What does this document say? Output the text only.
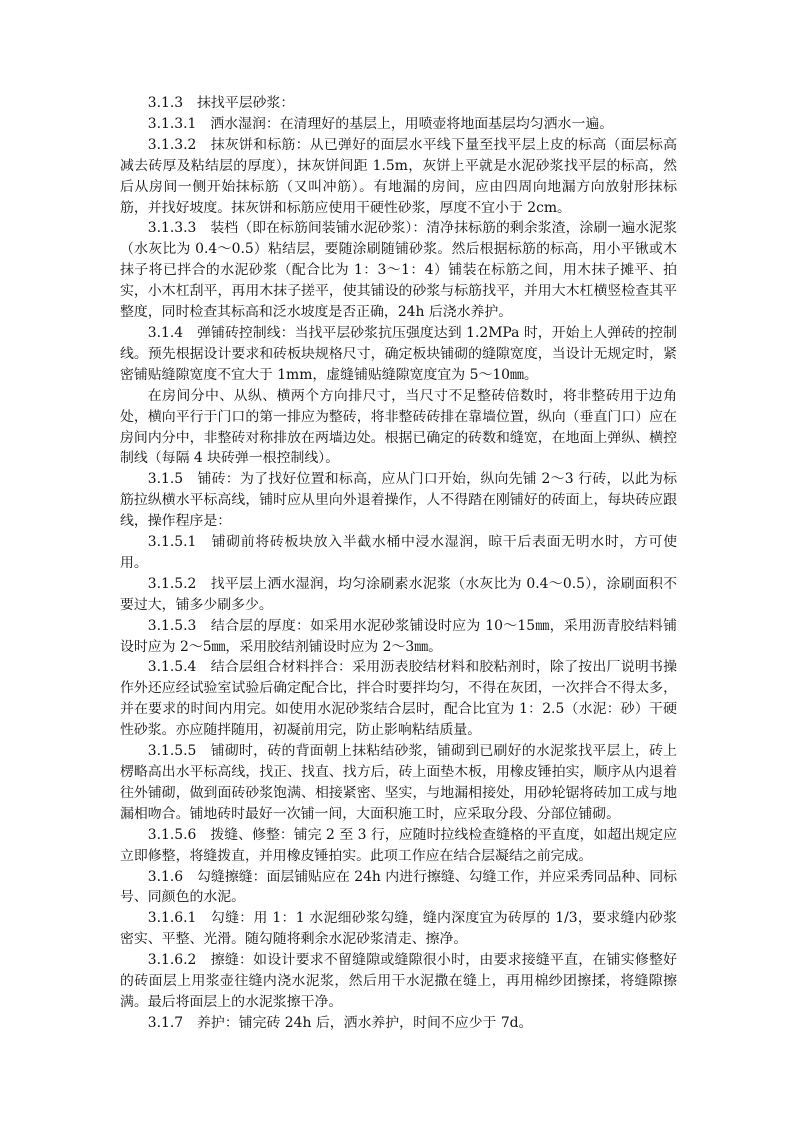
3.1.3　抹找平层砂浆：

3.1.3.1　洒水湿润：在清理好的基层上，用喷壶将地面基层均匀洒水一遍。

3.1.3.2　抹灰饼和标筋：从已弹好的面层水平线下量至找平层上皮的标高（面层标高减去砖厚及粘结层的厚度），抹灰饼间距 1.5m，灰饼上平就是水泥砂浆找平层的标高，然后从房间一侧开始抹标筋（又叫冲筋）。有地漏的房间，应由四周向地漏方向放射形抹标筋，并找好坡度。抹灰饼和标筋应使用干硬性砂浆，厚度不宜小于 2cm。

3.1.3.3　装档（即在标筋间装铺水泥砂浆）：清净抹标筋的剩余浆渣，涂刷一遍水泥浆（水灰比为 0.4～0.5）粘结层，要随涂刷随铺砂浆。然后根据标筋的标高，用小平锹或木抹子将已拌合的水泥砂浆（配合比为 1：3～1：4）铺装在标筋之间，用木抹子摊平、拍实，小木杠刮平，再用木抹子搓平，使其铺设的砂浆与标筋找平，并用大木杠横竖检查其平整度，同时检查其标高和泛水坡度是否正确，24h 后浇水养护。

3.1.4　弹铺砖控制线：当找平层砂浆抗压强度达到 1.2MPa 时，开始上人弹砖的控制线。预先根据设计要求和砖板块规格尺寸，确定板块铺砌的缝隙宽度，当设计无规定时，紧密铺贴缝隙宽度不宜大于 1mm，虚缝铺贴缝隙宽度宜为 5～10㎜。

在房间分中、从纵、横两个方向排尺寸，当尺寸不足整砖倍数时，将非整砖用于边角处，横向平行于门口的第一排应为整砖，将非整砖砖排在靠墙位置，纵向（垂直门口）应在房间内分中，非整砖对称排放在两墙边处。根据已确定的砖数和缝宽，在地面上弹纵、横控制线（每隔 4 块砖弹一根控制线）。

3.1.5　铺砖：为了找好位置和标高，应从门口开始，纵向先铺 2～3 行砖，以此为标筋拉纵横水平标高线，铺时应从里向外退着操作，人不得踏在刚铺好的砖面上，每块砖应跟线，操作程序是：

3.1.5.1　铺砌前将砖板块放入半截水桶中浸水湿润，晾干后表面无明水时，方可使用。

3.1.5.2　找平层上洒水湿润，均匀涂刷素水泥浆（水灰比为 0.4～0.5），涂刷面积不要过大，铺多少刷多少。

3.1.5.3　结合层的厚度：如采用水泥砂浆铺设时应为 10～15㎜，采用沥青胶结料铺设时应为 2～5㎜，采用胶结剂铺设时应为 2～3㎜。

3.1.5.4　结合层组合材料拌合：采用沥表胶结材料和胶粘剂时，除了按出厂说明书操作外还应经试验室试验后确定配合比，拌合时要拌均匀，不得在灰团，一次拌合不得太多，并在要求的时间内用完。如使用水泥砂浆结合层时，配合比宜为 1：2.5（水泥：砂）干硬性砂浆。亦应随拌随用，初凝前用完，防止影响粘结质量。

3.1.5.5　铺砌时，砖的背面朝上抹粘结砂浆，铺砌到已刷好的水泥浆找平层上，砖上楞略高出水平标高线，找正、找直、找方后，砖上面垫木板，用橡皮锤拍实，顺序从内退着往外铺砌，做到面砖砂浆饱满、相接紧密、坚实，与地漏相接处，用砂轮锯将砖加工成与地漏相吻合。铺地砖时最好一次铺一间，大面积施工时，应采取分段、分部位铺砌。

3.1.5.6　拨缝、修整：铺完 2 至 3 行，应随时拉线检查缝格的平直度，如超出规定应立即修整，将缝拨直，并用橡皮锤拍实。此项工作应在结合层凝结之前完成。

3.1.6　勾缝擦缝：面层铺贴应在 24h 内进行擦缝、勾缝工作，并应采秀同品种、同标号、同颜色的水泥。

3.1.6.1　勾缝：用 1：1 水泥细砂浆勾缝，缝内深度宜为砖厚的 1/3，要求缝内砂浆密实、平整、光滑。随勾随将剩余水泥砂浆清走、擦净。

3.1.6.2　擦缝：如设计要求不留缝隙或缝隙很小时，由要求接缝平直，在铺实修整好的砖面层上用浆壶往缝内浇水泥浆，然后用干水泥撒在缝上，再用棉纱团擦揉，将缝隙擦满。最后将面层上的水泥浆擦干净。

3.1.7　养护：铺完砖 24h 后，洒水养护，时间不应少于 7d。
